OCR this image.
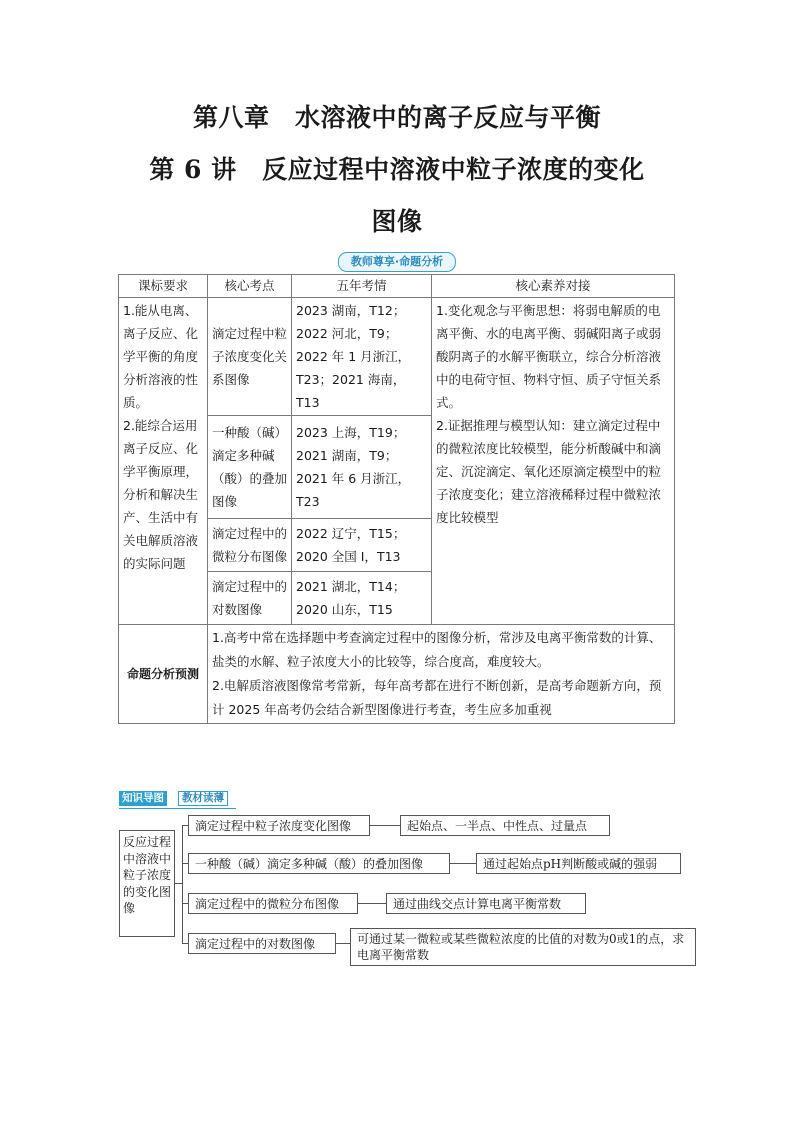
第八章　水溶液中的离子反应与平衡
第 6 讲　反应过程中溶液中粒子浓度的变化
图像
教师尊享·命题分析
课标要求	核心考点	五年考情	核心素养对接

1.能从电离、离子反应、化学平衡的角度分析溶液的性质。
2.能综合运用离子反应、化学平衡原理，分析和解决生产、生活中有关电解质溶液的实际问题	滴定过程中粒子浓度变化关系图像	2023 湖南，T12；2022 河北，T9；2022 年 1 月浙江，T23；2021 海南，T13	1.变化观念与平衡思想：将弱电解质的电离平衡、水的电离平衡、弱碱阳离子或弱酸阴离子的水解平衡联立，综合分析溶液中的电荷守恒、物料守恒、质子守恒关系式。
2.证据推理与模型认知：建立滴定过程中的微粒浓度比较模型，能分析酸碱中和滴定、沉淀滴定、氧化还原滴定模型中的粒子浓度变化；建立溶液稀释过程中微粒浓度比较模型

	一种酸（碱）滴定多种碱（酸）的叠加图像	2023 上海，T19；2021 湖南，T9；2021 年 6 月浙江，T23	
	滴定过程中的微粒分布图像	2022 辽宁，T15；2020 全国 Ⅰ，T13	
	滴定过程中的对数图像	2021 湖北，T14；2020 山东，T15	
命题分析预测	1.高考中常在选择题中考查滴定过程中的图像分析，常涉及电离平衡常数的计算、盐类的水解、粒子浓度大小的比较等，综合度高，难度较大。
2.电解质溶液图像常考常新，每年高考都在进行不断创新，是高考命题新方向，预计 2025 年高考仍会结合新型图像进行考查，考生应多加重视		
知识导图	教材读薄
反应过程中溶液中粒子浓度的变化图像
滴定过程中粒子浓度变化图像	起始点、一半点、中性点、过量点
一种酸（碱）滴定多种碱（酸）的叠加图像	通过起始点pH判断酸或碱的强弱
滴定过程中的微粒分布图像	通过曲线交点计算电离平衡常数
滴定过程中的对数图像	可通过某一微粒或某些微粒浓度的比值的对数为0或1的点，求电离平衡常数
